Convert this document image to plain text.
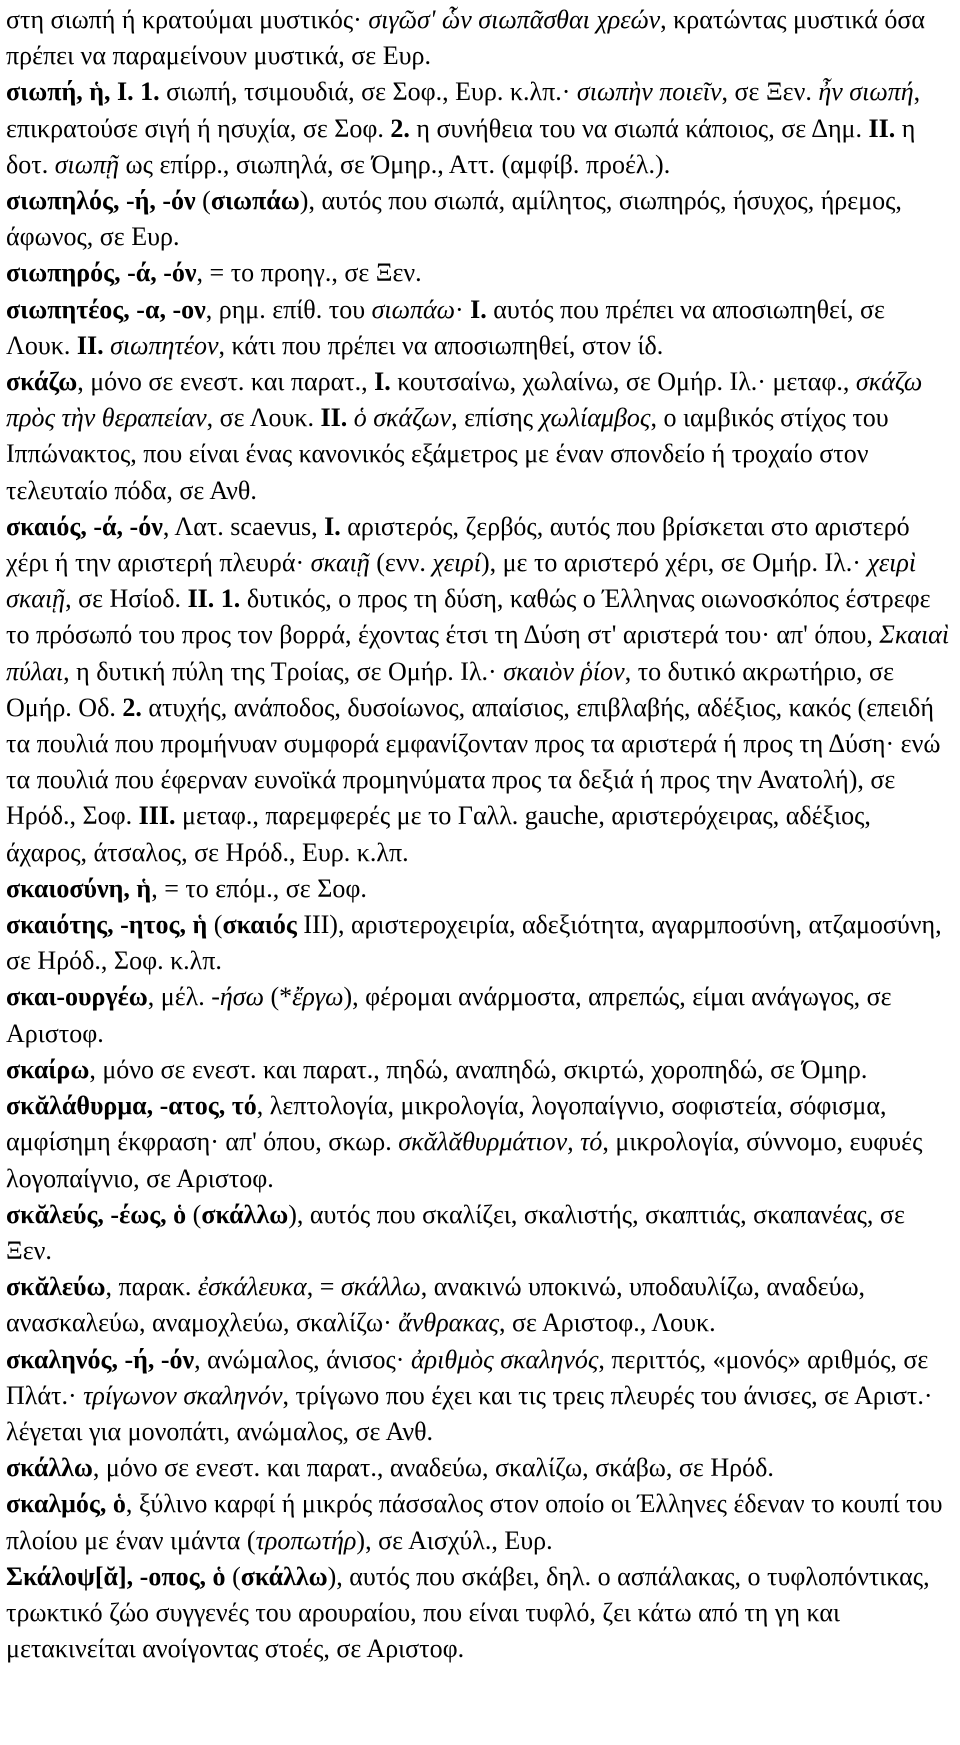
στη σιωπή ή κρατούμαι μυστικός· σιγῶσ' ὧν σιωπᾶσθαι χρεών, κρατώντας μυστικά όσα πρέπει να παραμείνουν μυστικά, σε Ευρ.

σιωπή, ἡ, I. 1. σιωπή, τσιμουδιά, σε Σοφ., Ευρ. κ.λπ.· σιωπὴν ποιεῖν, σε Ξεν. ἦν σιωπή, επικρατούσε σιγή ή ησυχία, σε Σοφ. 2. η συνήθεια του να σιωπά κάποιος, σε Δημ. II. η δοτ. σιωπῇ ως επίρρ., σιωπηλά, σε Όμηρ., Αττ. (αμφίβ. προέλ.).

σιωπηλός, -ή, -όν (σιωπάω), αυτός που σιωπά, αμίλητος, σιωπηρός, ήσυχος, ήρεμος, άφωνος, σε Ευρ.

σιωπηρός, -ά, -όν, = το προηγ., σε Ξεν.

σιωπητέος, -α, -ον, ρημ. επίθ. του σιωπάω· I. αυτός που πρέπει να αποσιωπηθεί, σε Λουκ. II. σιωπητέον, κάτι που πρέπει να αποσιωπηθεί, στον ίδ.

σκάζω, μόνο σε ενεστ. και παρατ., I. κουτσαίνω, χωλαίνω, σε Ομήρ. Ιλ.· μεταφ., σκάζω πρὸς τὴν θεραπείαν, σε Λουκ. II. ὁ σκάζων, επίσης χωλίαμβος, ο ιαμβικός στίχος του Ιππώνακτος, που είναι ένας κανονικός εξάμετρος με έναν σπονδείο ή τροχαίο στον τελευταίο πόδα, σε Ανθ.

σκαιός, -ά, -όν, Λατ. scaevus, I. αριστερός, ζερβός, αυτός που βρίσκεται στο αριστερό χέρι ή την αριστερή πλευρά· σκαιῇ (ενν. χειρί), με το αριστερό χέρι, σε Ομήρ. Ιλ.· χειρὶ σκαιῇ, σε Ησίοδ. II. 1. δυτικός, ο προς τη δύση, καθώς ο Έλληνας οιωνοσκόπος έστρεφε το πρόσωπό του προς τον βορρά, έχοντας έτσι τη Δύση στ' αριστερά του· απ' όπου, Σκαιαὶ πύλαι, η δυτική πύλη της Τροίας, σε Ομήρ. Ιλ.· σκαιὸν ῥίον, το δυτικό ακρωτήριο, σε Ομήρ. Οδ. 2. ατυχής, ανάποδος, δυσοίωνος, απαίσιος, επιβλαβής, αδέξιος, κακός (επειδή τα πουλιά που προμήνυαν συμφορά εμφανίζονταν προς τα αριστερά ή προς τη Δύση· ενώ τα πουλιά που έφερναν ευνοϊκά προμηνύματα προς τα δεξιά ή προς την Ανατολή), σε Ηρόδ., Σοφ. III. μεταφ., παρεμφερές με το Γαλλ. gauche, αριστερόχειρας, αδέξιος, άχαρος, άτσαλος, σε Ηρόδ., Ευρ. κ.λπ.

σκαιοσύνη, ἡ, = το επόμ., σε Σοφ.

σκαιότης, -ητος, ἡ (σκαιός III), αριστεροχειρία, αδεξιότητα, αγαρμποσύνη, ατζαμοσύνη, σε Ηρόδ., Σοφ. κ.λπ.

σκαι-ουργέω, μέλ. -ήσω (*ἔργω), φέρομαι ανάρμοστα, απρεπώς, είμαι ανάγωγος, σε Αριστοφ.

σκαίρω, μόνο σε ενεστ. και παρατ., πηδώ, αναπηδώ, σκιρτώ, χοροπηδώ, σε Όμηρ.

σκᾰλάθυρμα, -ατος, τό, λεπτολογία, μικρολογία, λογοπαίγνιο, σοφιστεία, σόφισμα, αμφίσημη έκφραση· απ' όπου, σκωρ. σκᾰλᾰθυρμάτιον, τό, μικρολογία, σύννομο, ευφυές λογοπαίγνιο, σε Αριστοφ.

σκᾰλεύς, -έως, ὁ (σκάλλω), αυτός που σκαλίζει, σκαλιστής, σκαπτιάς, σκαπανέας, σε Ξεν.

σκᾰλεύω, παρακ. ἐσκάλευκα, = σκάλλω, ανακινώ υποκινώ, υποδαυλίζω, αναδεύω, ανασκαλεύω, αναμοχλεύω, σκαλίζω· ἄνθρακας, σε Αριστοφ., Λουκ.

σκαληνός, -ή, -όν, ανώμαλος, άνισος· ἀριθμὸς σκαληνός, περιττός, «μονός» αριθμός, σε Πλάτ.· τρίγωνον σκαληνόν, τρίγωνο που έχει και τις τρεις πλευρές του άνισες, σε Αριστ.· λέγεται για μονοπάτι, ανώμαλος, σε Ανθ.

σκάλλω, μόνο σε ενεστ. και παρατ., αναδεύω, σκαλίζω, σκάβω, σε Ηρόδ.

σκαλμός, ὁ, ξύλινο καρφί ή μικρός πάσσαλος στον οποίο οι Έλληνες έδεναν το κουπί του πλοίου με έναν ιμάντα (τροπωτήρ), σε Αισχύλ., Ευρ.

Σκάλοψ[ᾰ], -οπος, ὁ (σκάλλω), αυτός που σκάβει, δηλ. ο ασπάλακας, ο τυφλοπόντικας, τρωκτικό ζώο συγγενές του αρουραίου, που είναι τυφλό, ζει κάτω από τη γη και μετακινείται ανοίγοντας στοές, σε Αριστοφ.
